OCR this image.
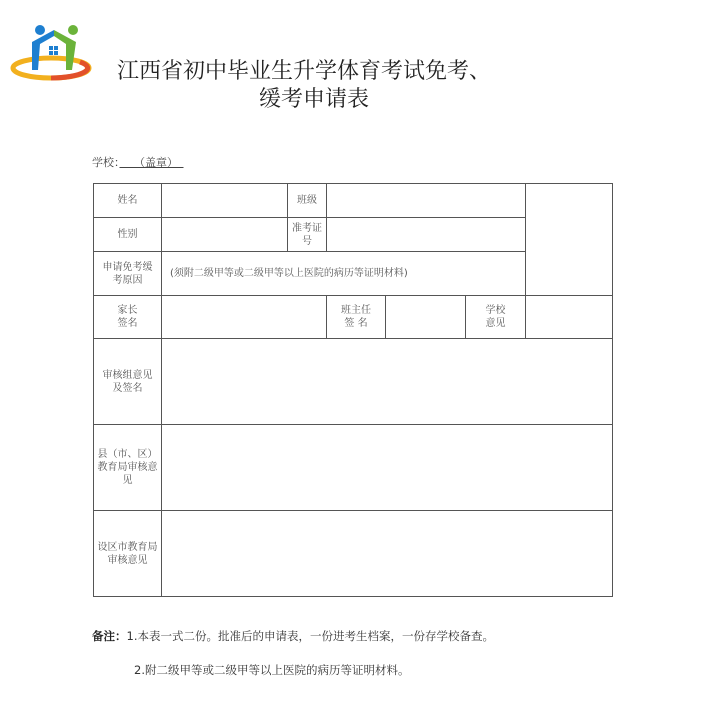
江西省初中毕业生升学体育考试免考、
缓考申请表
学校：　 （盖章）　
姓名	班级
性别
准考证号
申请免考缓考原因
(须附二级甲等或二级甲等以上医院的病历等证明材料)
家长签名
班主任签 名
学校意见
审核组意见及签名
县（市、区）教育局审核意见
设区市教育局审核意见
备注：1.本表一式二份。批准后的申请表，一份进考生档案，一份存学校备查。
2.附二级甲等或二级甲等以上医院的病历等证明材料。
